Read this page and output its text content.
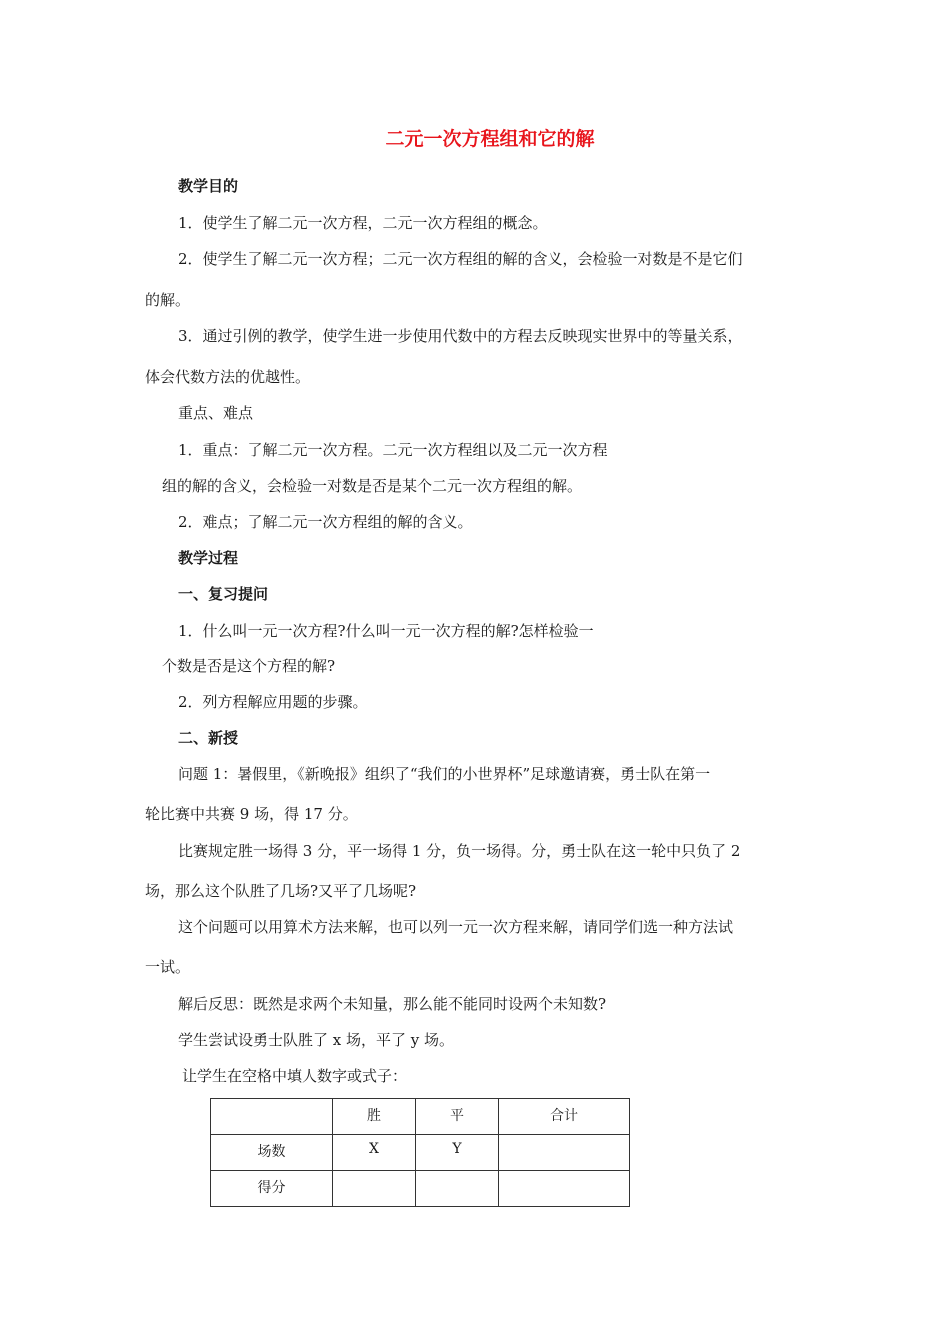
二元一次方程组和它的解
教学目的
1．使学生了解二元一次方程，二元一次方程组的概念。
2．使学生了解二元一次方程；二元一次方程组的解的含义，会检验一对数是不是它们
的解。
3．通过引例的教学，使学生进一步使用代数中的方程去反映现实世界中的等量关系，
体会代数方法的优越性。
重点、难点
1．重点：了解二元一次方程。二元一次方程组以及二元一次方程
组的解的含义，会检验一对数是否是某个二元一次方程组的解。
2．难点；了解二元一次方程组的解的含义。
教学过程
一、复习提问
1．什么叫一元一次方程?什么叫一元一次方程的解?怎样检验一
个数是否是这个方程的解?
2．列方程解应用题的步骤。
二、新授
问题 1：暑假里，《新晚报》组织了“我们的小世界杯”足球邀请赛，勇士队在第一
轮比赛中共赛 9 场，得 17 分。
比赛规定胜一场得 3 分，平一场得 1 分，负一场得。分，勇士队在这一轮中只负了 2
场，那么这个队胜了几场?又平了几场呢?
这个问题可以用算术方法来解，也可以列一元一次方程来解，请同学们选一种方法试
一试。
解后反思：既然是求两个未知量，那么能不能同时设两个未知数?
学生尝试设勇士队胜了 x 场，平了 y 场。
让学生在空格中填人数字或式子：
	胜	平	合计
场数	X	Y	
得分			
